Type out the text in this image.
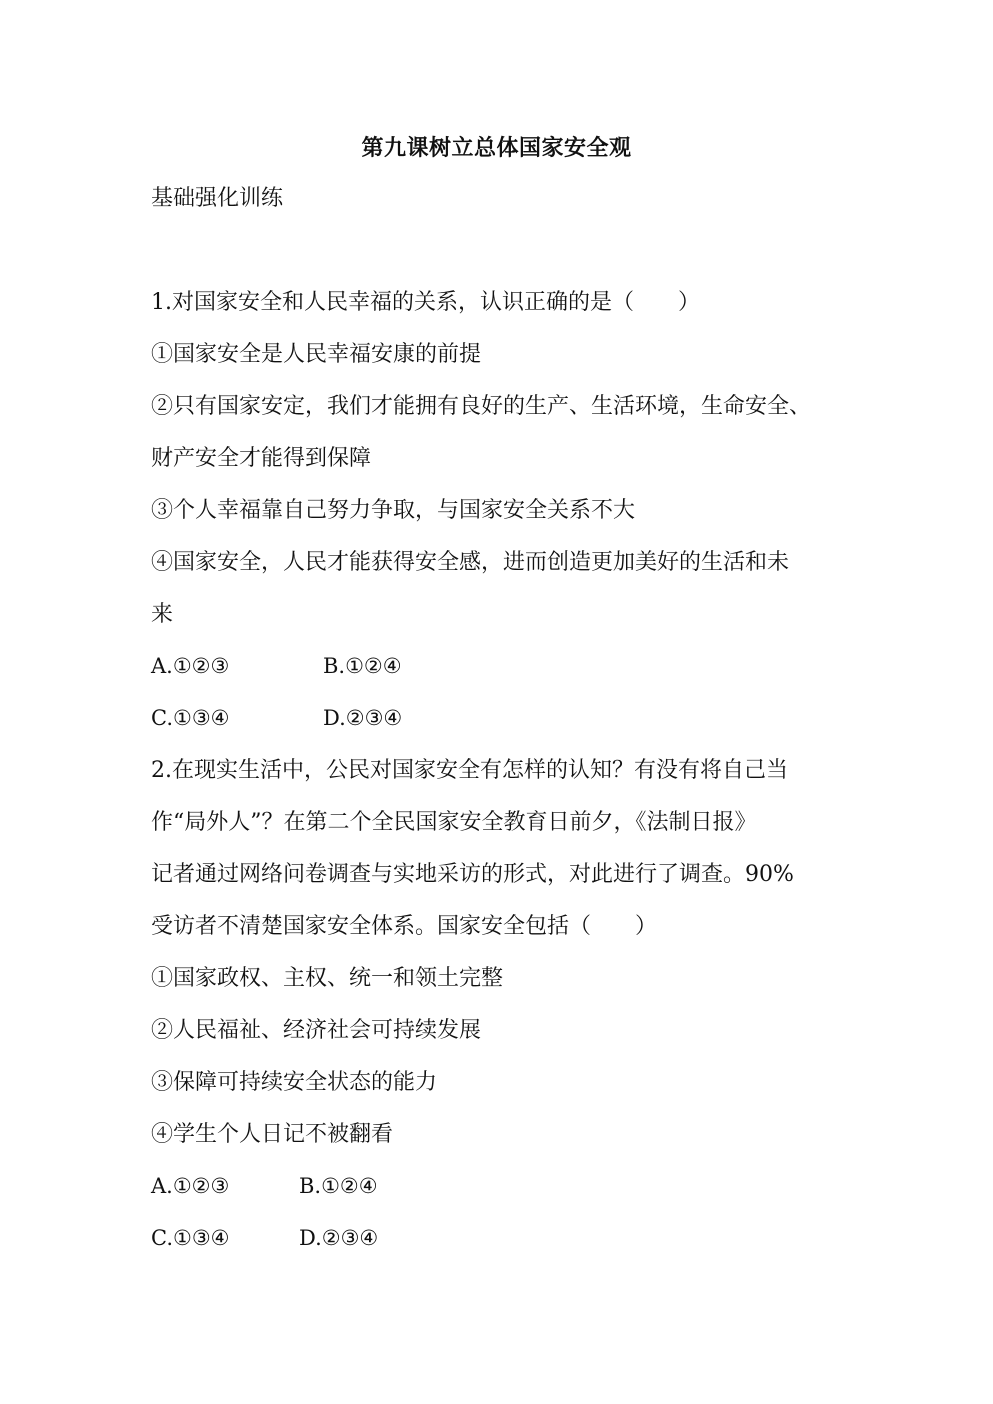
第九课树立总体国家安全观
基础强化训练
1.对国家安全和人民幸福的关系，认识正确的是（　　）
①国家安全是人民幸福安康的前提
②只有国家安定，我们才能拥有良好的生产、生活环境，生命安全、
财产安全才能得到保障
③个人幸福靠自己努力争取，与国家安全关系不大
④国家安全，人民才能获得安全感，进而创造更加美好的生活和未
来
A.①②③	B.①②④
C.①③④	D.②③④
2.在现实生活中，公民对国家安全有怎样的认知？有没有将自己当
作“局外人”？在第二个全民国家安全教育日前夕，《法制日报》
记者通过网络问卷调查与实地采访的形式，对此进行了调查。90%
受访者不清楚国家安全体系。国家安全包括（　　）
①国家政权、主权、统一和领土完整
②人民福祉、经济社会可持续发展
③保障可持续安全状态的能力
④学生个人日记不被翻看
A.①②③	B.①②④
C.①③④	D.②③④
